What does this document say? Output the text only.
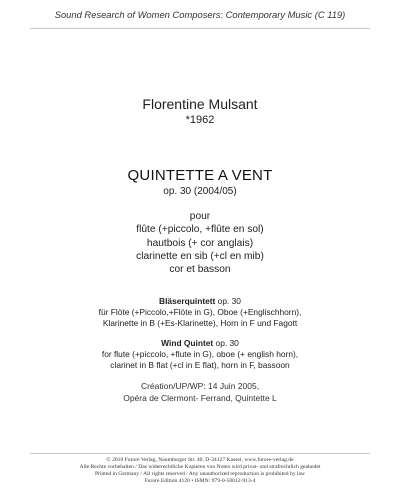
Sound Research of Women Composers: Contemporary Music (C 119)
Florentine Mulsant
*1962
QUINTETTE A VENT
op. 30 (2004/05)
pour
flûte (+piccolo, +flûte en sol)
hautbois (+ cor anglais)
clarinette en sib (+cl en mib)
cor et basson
Bläserquintett op. 30
für Flöte (+Piccolo,+Flöte in G), Oboe (+Englischhorn),
Klarinette in B (+Es-Klarinette), Horn in F und Fagott
Wind Quintet op. 30
for flute (+piccolo, +flute in G), oboe (+ english horn),
clarinet in B flat (+cl in E flat), horn in F, bassoon
Création/UP/WP: 14 Juin 2005,
Opéra de Clermont- Ferrand, Quintette L
© 2010 Furore Verlag, Naumburger Str. 40, D-34127 Kassel, www.furore-verlag.de
Alle Rechte vorbehalten / Das widerrechtliche Kopieren von Noten wird privat- und strafrechtlich geahndet
Printed in Germany / All rights reserved / Any unauthorized reproduction is prohibited by law
Furore Edition 4120 • ISMN: 979-0-50012-913-4
